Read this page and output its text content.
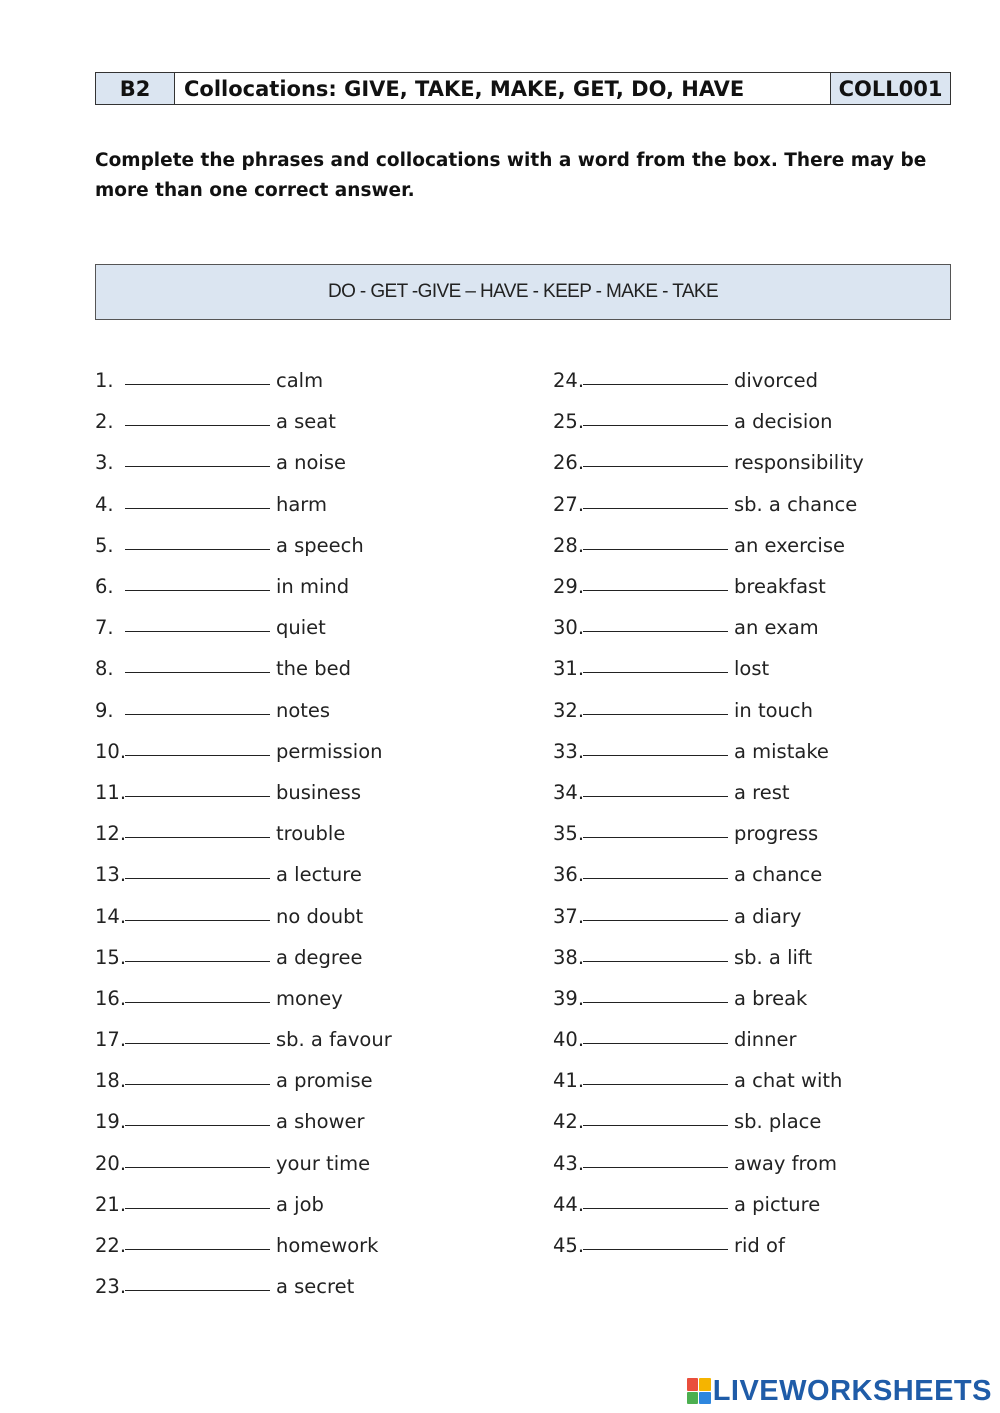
B2	Collocations: GIVE, TAKE, MAKE, GET, DO, HAVE	COLL001
Complete the phrases and collocations with a word from the box. There may be more than one correct answer.
DO - GET -GIVE – HAVE - KEEP - MAKE - TAKE
1.	calm
2.	a seat
3.	a noise
4.	harm
5.	a speech
6.	in mind
7.	quiet
8.	the bed
9.	notes
10.	permission
11.	business
12.	trouble
13.	a lecture
14.	no doubt
15.	a degree
16.	money
17.	sb. a favour
18.	a promise
19.	a shower
20.	your time
21.	a job
22.	homework
23.	a secret
24.	divorced
25.	a decision
26.	responsibility
27.	sb. a chance
28.	an exercise
29.	breakfast
30.	an exam
31.	lost
32.	in touch
33.	a mistake
34.	a rest
35.	progress
36.	a chance
37.	a diary
38.	sb. a lift
39.	a break
40.	dinner
41.	a chat with
42.	sb. place
43.	away from
44.	a picture
45.	rid of
LIVEWORKSHEETS
